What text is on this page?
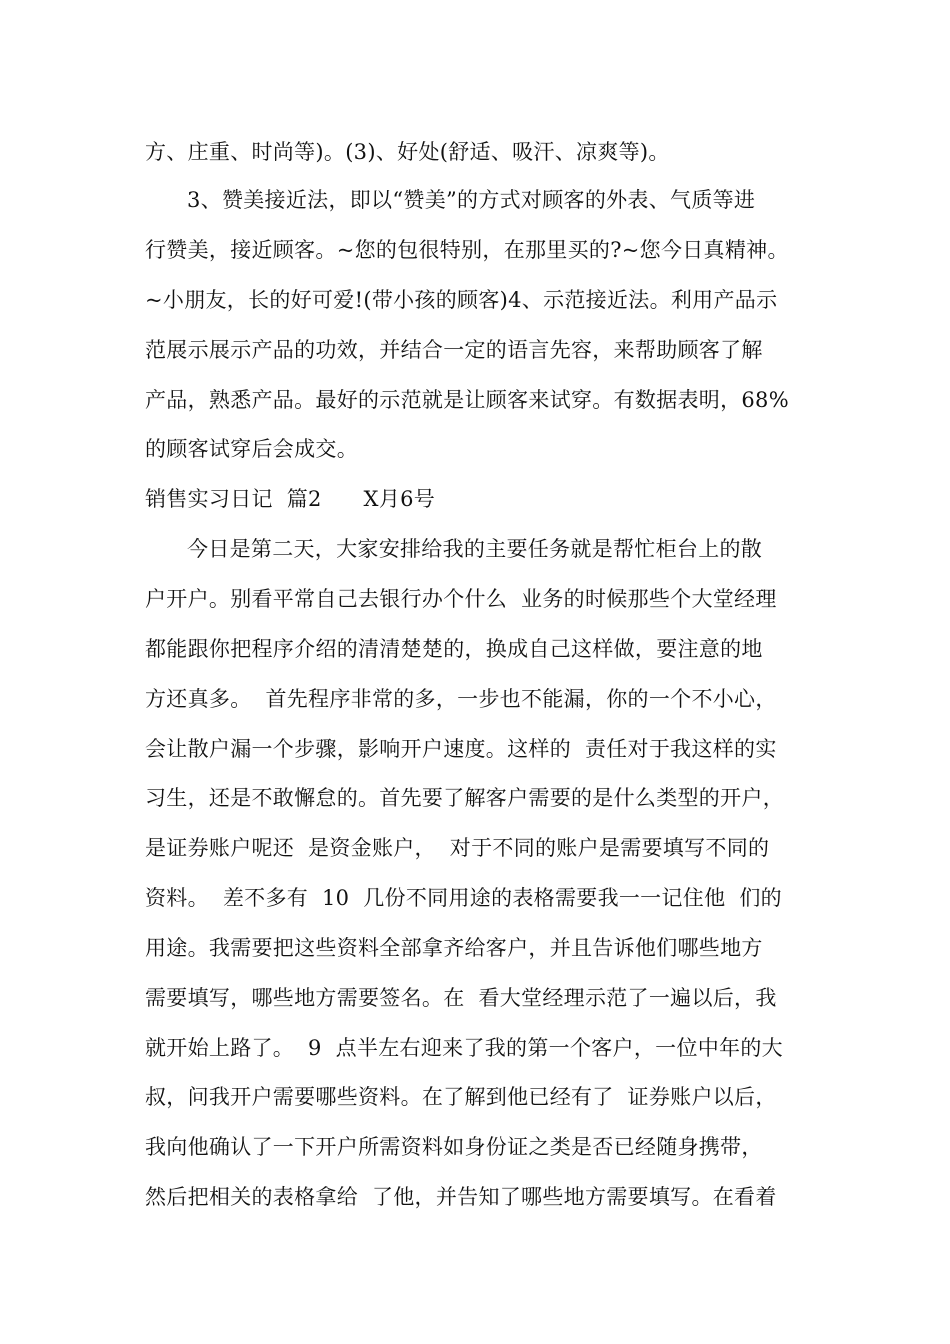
方、庄重、时尚等)。(3)、好处(舒适、吸汗、凉爽等)。
3、赞美接近法，即以“赞美”的方式对顾客的外表、气质等进
行赞美，接近顾客。~您的包很特别，在那里买的?~您今日真精神。
~小朋友，长的好可爱!(带小孩的顾客)4、示范接近法。利用产品示
范展示展示产品的功效，并结合一定的语言先容，来帮助顾客了解
产品，熟悉产品。最好的示范就是让顾客来试穿。有数据表明，68%
的顾客试穿后会成交。
销售实习日记  篇2      X月6号
今日是第二天，大家安排给我的主要任务就是帮忙柜台上的散
户开户。别看平常自己去银行办个什么  业务的时候那些个大堂经理
都能跟你把程序介绍的清清楚楚的，换成自己这样做，要注意的地
方还真多。  首先程序非常的多，一步也不能漏，你的一个不小心，
会让散户漏一个步骤，影响开户速度。这样的  责任对于我这样的实
习生，还是不敢懈怠的。首先要了解客户需要的是什么类型的开户，
是证券账户呢还  是资金账户，  对于不同的账户是需要填写不同的
资料。  差不多有  10  几份不同用途的表格需要我一一记住他  们的
用途。我需要把这些资料全部拿齐给客户，并且告诉他们哪些地方
需要填写，哪些地方需要签名。在  看大堂经理示范了一遍以后，我
就开始上路了。  9  点半左右迎来了我的第一个客户，一位中年的大
叔，问我开户需要哪些资料。在了解到他已经有了  证券账户以后，
我向他确认了一下开户所需资料如身份证之类是否已经随身携带，
然后把相关的表格拿给  了他，并告知了哪些地方需要填写。在看着
